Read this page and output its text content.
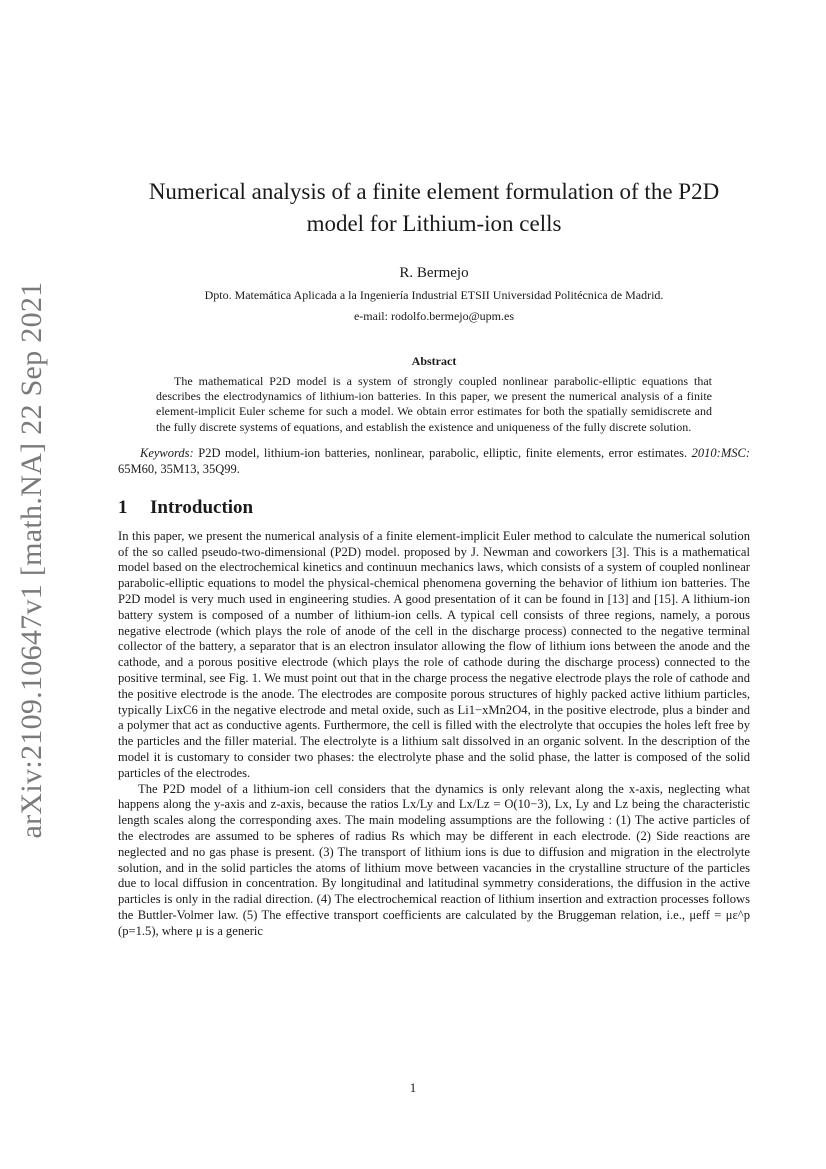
arXiv:2109.10647v1 [math.NA] 22 Sep 2021
Numerical analysis of a finite element formulation of the P2D model for Lithium-ion cells
R. Bermejo
Dpto. Matemática Aplicada a la Ingeniería Industrial ETSII Universidad Politécnica de Madrid.
e-mail: rodolfo.bermejo@upm.es
Abstract

The mathematical P2D model is a system of strongly coupled nonlinear parabolic-elliptic equations that describes the electrodynamics of lithium-ion batteries. In this paper, we present the numerical analysis of a finite element-implicit Euler scheme for such a model. We obtain error estimates for both the spatially semidiscrete and the fully discrete systems of equations, and establish the existence and uniqueness of the fully discrete solution.

Keywords: P2D model, lithium-ion batteries, nonlinear, parabolic, elliptic, finite elements, error estimates. 2010:MSC: 65M60, 35M13, 35Q99.

1 Introduction

In this paper, we present the numerical analysis of a finite element-implicit Euler method to calculate the numerical solution of the so called pseudo-two-dimensional (P2D) model. proposed by J. Newman and coworkers [3]. This is a mathematical model based on the electrochemical kinetics and continuun mechanics laws, which consists of a system of coupled nonlinear parabolic-elliptic equations to model the physical-chemical phenomena governing the behavior of lithium ion batteries. The P2D model is very much used in engineering studies. A good presentation of it can be found in [13] and [15]. A lithium-ion battery system is composed of a number of lithium-ion cells. A typical cell consists of three regions, namely, a porous negative electrode (which plays the role of anode of the cell in the discharge process) connected to the negative terminal collector of the battery, a separator that is an electron insulator allowing the flow of lithium ions between the anode and the cathode, and a porous positive electrode (which plays the role of cathode during the discharge process) connected to the positive terminal, see Fig. 1. We must point out that in the charge process the negative electrode plays the role of cathode and the positive electrode is the anode. The electrodes are composite porous structures of highly packed active lithium particles, typically LixC6 in the negative electrode and metal oxide, such as Li1−xMn2O4, in the positive electrode, plus a binder and a polymer that act as conductive agents. Furthermore, the cell is filled with the electrolyte that occupies the holes left free by the particles and the filler material. The electrolyte is a lithium salt dissolved in an organic solvent. In the description of the model it is customary to consider two phases: the electrolyte phase and the solid phase, the latter is composed of the solid particles of the electrodes.

The P2D model of a lithium-ion cell considers that the dynamics is only relevant along the x-axis, neglecting what happens along the y-axis and z-axis, because the ratios Lx/Ly and Lx/Lz = O(10−3), Lx, Ly and Lz being the characteristic length scales along the corresponding axes. The main modeling assumptions are the following : (1) The active particles of the electrodes are assumed to be spheres of radius Rs which may be different in each electrode. (2) Side reactions are neglected and no gas phase is present. (3) The transport of lithium ions is due to diffusion and migration in the electrolyte solution, and in the solid particles the atoms of lithium move between vacancies in the crystalline structure of the particles due to local diffusion in concentration. By longitudinal and latitudinal symmetry considerations, the diffusion in the active particles is only in the radial direction. (4) The electrochemical reaction of lithium insertion and extraction processes follows the Buttler-Volmer law. (5) The effective transport coefficients are calculated by the Bruggeman relation, i.e., μeff = με^p (p=1.5), where μ is a generic

1
